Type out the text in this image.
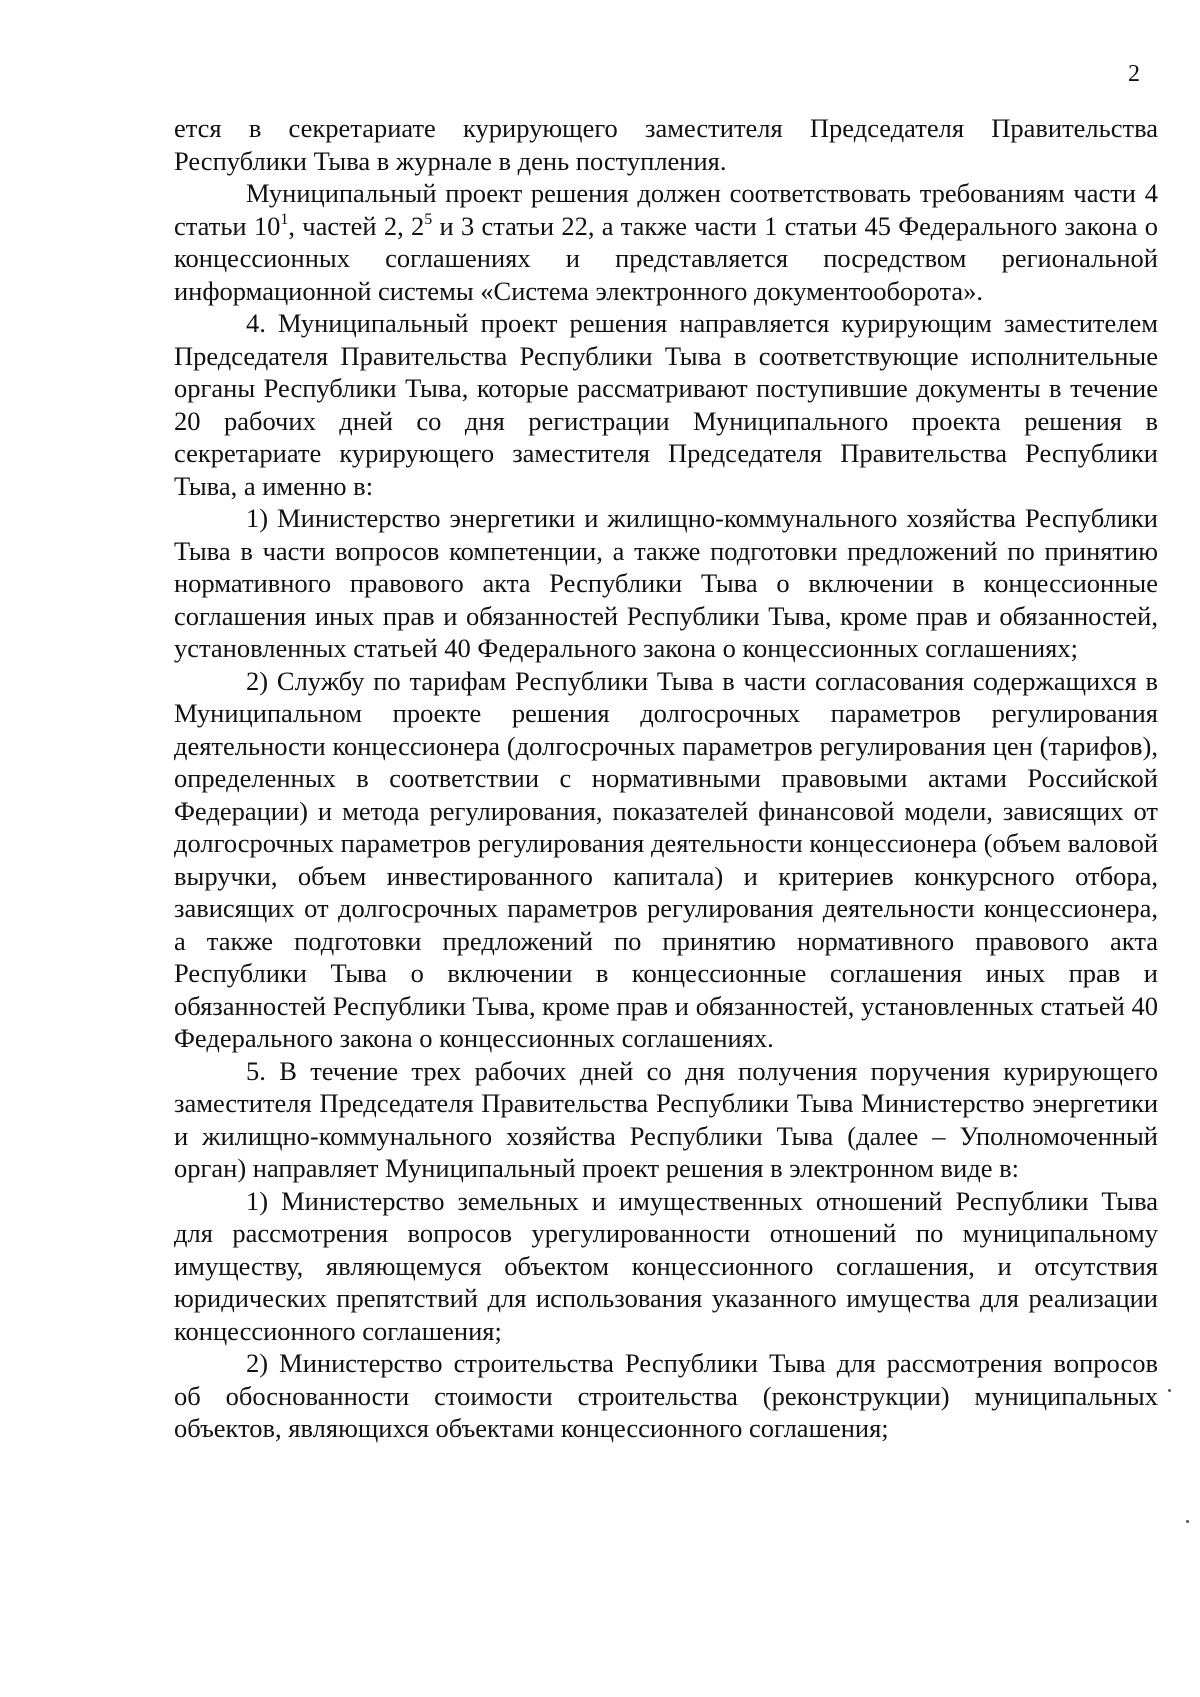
2

ется в секретариате курирующего заместителя Председателя Правительства Республики Тыва в журнале в день поступления.

Муниципальный проект решения должен соответствовать требованиям части 4 статьи $10^1$, частей 2, $2^5$ и 3 статьи 22, а также части 1 статьи 45 Федерального закона о концессионных соглашениях и представляется посредством региональной информационной системы «Система электронного документооборота».

4. Муниципальный проект решения направляется курирующим заместителем Председателя Правительства Республики Тыва в соответствующие исполнительные органы Республики Тыва, которые рассматривают поступившие документы в течение 20 рабочих дней со дня регистрации Муниципального проекта решения в секретариате курирующего заместителя Председателя Правительства Республики Тыва, а именно в:

1) Министерство энергетики и жилищно-коммунального хозяйства Республики Тыва в части вопросов компетенции, а также подготовки предложений по принятию нормативного правового акта Республики Тыва о включении в концессионные соглашения иных прав и обязанностей Республики Тыва, кроме прав и обязанностей, установленных статьей 40 Федерального закона о концессионных соглашениях;

2) Службу по тарифам Республики Тыва в части согласования содержащихся в Муниципальном проекте решения долгосрочных параметров регулирования деятельности концессионера (долгосрочных параметров регулирования цен (тарифов), определенных в соответствии с нормативными правовыми актами Российской Федерации) и метода регулирования, показателей финансовой модели, зависящих от долгосрочных параметров регулирования деятельности концессионера (объем валовой выручки, объем инвестированного капитала) и критериев конкурсного отбора, зависящих от долгосрочных параметров регулирования деятельности концессионера, а также подготовки предложений по принятию нормативного правового акта Республики Тыва о включении в концессионные соглашения иных прав и обязанностей Республики Тыва, кроме прав и обязанностей, установленных статьей 40 Федерального закона о концессионных соглашениях.

5. В течение трех рабочих дней со дня получения поручения курирующего заместителя Председателя Правительства Республики Тыва Министерство энергетики и жилищно-коммунального хозяйства Республики Тыва (далее – Уполномоченный орган) направляет Муниципальный проект решения в электронном виде в:

1) Министерство земельных и имущественных отношений Республики Тыва для рассмотрения вопросов урегулированности отношений по муниципальному имуществу, являющемуся объектом концессионного соглашения, и отсутствия юридических препятствий для использования указанного имущества для реализации концессионного соглашения;

2) Министерство строительства Республики Тыва для рассмотрения вопросов об обоснованности стоимости строительства (реконструкции) муниципальных объектов, являющихся объектами концессионного соглашения;
